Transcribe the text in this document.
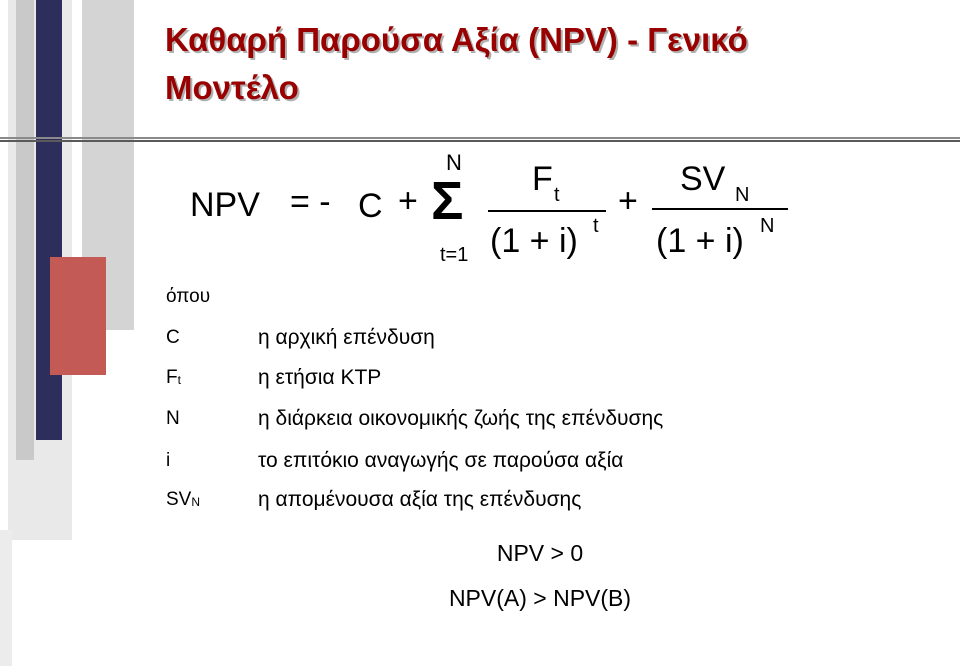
Καθαρή Παρούσα Αξία (NPV) - Γενικό
Μοντέλο
NPV = - C + Σ
N
t=1
F t
(1 + i) t
+
SV N
(1 + i) N
όπου
C	η αρχική επένδυση
$F_t$	η ετήσια ΚΤΡ
N	η διάρκεια οικονομικής ζωής της επένδυσης
i	το επιτόκιο αναγωγής σε παρούσα αξία
$SV_N$	η απομένουσα αξία της επένδυσης
NPV > 0
NPV(A) > NPV(B)
